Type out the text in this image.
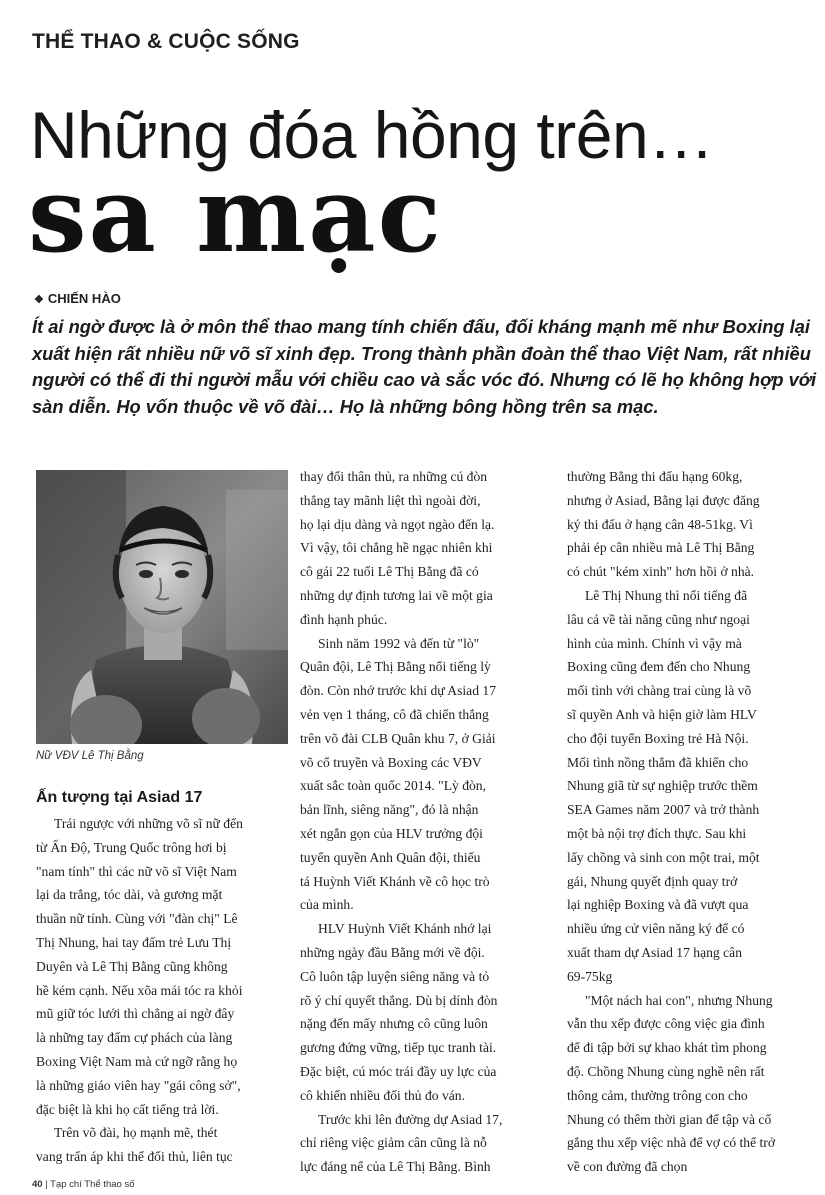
THỂ THAO & CUỘC SỐNG
Những đóa hồng trên…
sa mạc
❖ CHIẾN HÀO

Ít ai ngờ được là ở môn thể thao mang tính chiến đấu, đối kháng mạnh mẽ như Boxing lại

xuất hiện rất nhiều nữ võ sĩ xinh đẹp. Trong thành phần đoàn thể thao Việt Nam, rất nhiều

người có thể đi thi người mẫu với chiều cao và sắc vóc đó. Nhưng có lẽ họ không hợp với

sàn diễn. Họ vốn thuộc về võ đài… Họ là những bông hồng trên sa mạc.

Nữ VĐV Lê Thị Bằng
Ấn tượng tại Asiad 17
Trái ngược với những võ sĩ nữ đến
từ Ấn Độ, Trung Quốc trông hơi bị
"nam tính" thì các nữ võ sĩ Việt Nam
lại da trắng, tóc dài, và gương mặt
thuần nữ tính. Cùng với "đàn chị" Lê
Thị Nhung, hai tay đấm trẻ Lưu Thị
Duyên và Lê Thị Bằng cũng không
hề kém cạnh. Nếu xõa mái tóc ra khỏi
mũ giữ tóc lưới thì chẳng ai ngờ đây
là những tay đấm cự phách của làng
Boxing Việt Nam mà cứ ngỡ rằng họ
là những giáo viên hay "gái công sở",
đặc biệt là khi họ cất tiếng trả lời.
Trên võ đài, họ mạnh mẽ, thét
vang trấn áp khi thể đối thủ, liên tục
thay đổi thân thủ, ra những cú đòn
thẳng tay mãnh liệt thì ngoài đời,
họ lại dịu dàng và ngọt ngào đến lạ.
Vì vậy, tôi chẳng hề ngạc nhiên khi
cô gái 22 tuổi Lê Thị Bằng đã có
những dự định tương lai về một gia
đình hạnh phúc.
Sinh năm 1992 và đến từ "lò"
Quân đội, Lê Thị Bằng nổi tiếng lỳ
đòn. Còn nhớ trước khi dự Asiad 17
vẻn vẹn 1 tháng, cô đã chiến thắng
trên võ đài CLB Quân khu 7, ở Giải
võ cổ truyền và Boxing các VĐV
xuất sắc toàn quốc 2014. "Lỳ đòn,
bản lĩnh, siêng năng", đó là nhận
xét ngắn gọn của HLV trưởng đội
tuyển quyền Anh Quân đội, thiếu
tá Huỳnh Viết Khánh về cô học trò
của mình.
HLV Huỳnh Viết Khánh nhớ lại
những ngày đầu Bằng mới về đội.
Cô luôn tập luyện siêng năng và tỏ
rõ ý chí quyết thắng. Dù bị dính đòn
nặng đến mấy nhưng cô cũng luôn
gương đứng vững, tiếp tục tranh tài.
Đặc biệt, cú móc trái đầy uy lực của
cô khiến nhiều đối thủ đo ván.
Trước khi lên đường dự Asiad 17,
chỉ riêng việc giảm cân cũng là nỗ
lực đáng nể của Lê Thị Bằng. Bình
thường Bằng thi đấu hạng 60kg,
nhưng ở Asiad, Bằng lại được đăng
ký thi đấu ở hạng cân 48-51kg. Vì
phải ép cân nhiều mà Lê Thị Bằng
có chút "kém xinh" hơn hồi ở nhà.
Lê Thị Nhung thì nổi tiếng đã
lâu cả về tài năng cũng như ngoại
hình của mình. Chính vì vậy mà
Boxing cũng đem đến cho Nhung
mối tình với chàng trai cùng là võ
sĩ quyền Anh và hiện giờ làm HLV
cho đội tuyển Boxing trẻ Hà Nội.
Mối tình nồng thắm đã khiến cho
Nhung giã từ sự nghiệp trước thềm
SEA Games năm 2007 và trở thành
một bà nội trợ đích thực. Sau khi
lấy chồng và sinh con một trai, một
gái, Nhung quyết định quay trở
lại nghiệp Boxing và đã vượt qua
nhiều ứng cử viên năng ký để có
xuất tham dự Asiad 17 hạng cân
69-75kg
"Một nách hai con", nhưng Nhung
vẫn thu xếp được công việc gia đình
để đi tập bởi sự khao khát tìm phong
độ. Chồng Nhung cùng nghề nên rất
thông cảm, thường trông con cho
Nhung có thêm thời gian để tập và cố
gắng thu xếp việc nhà để vợ có thể trở
về con đường đã chọn
40 | Tạp chí Thể thao số
